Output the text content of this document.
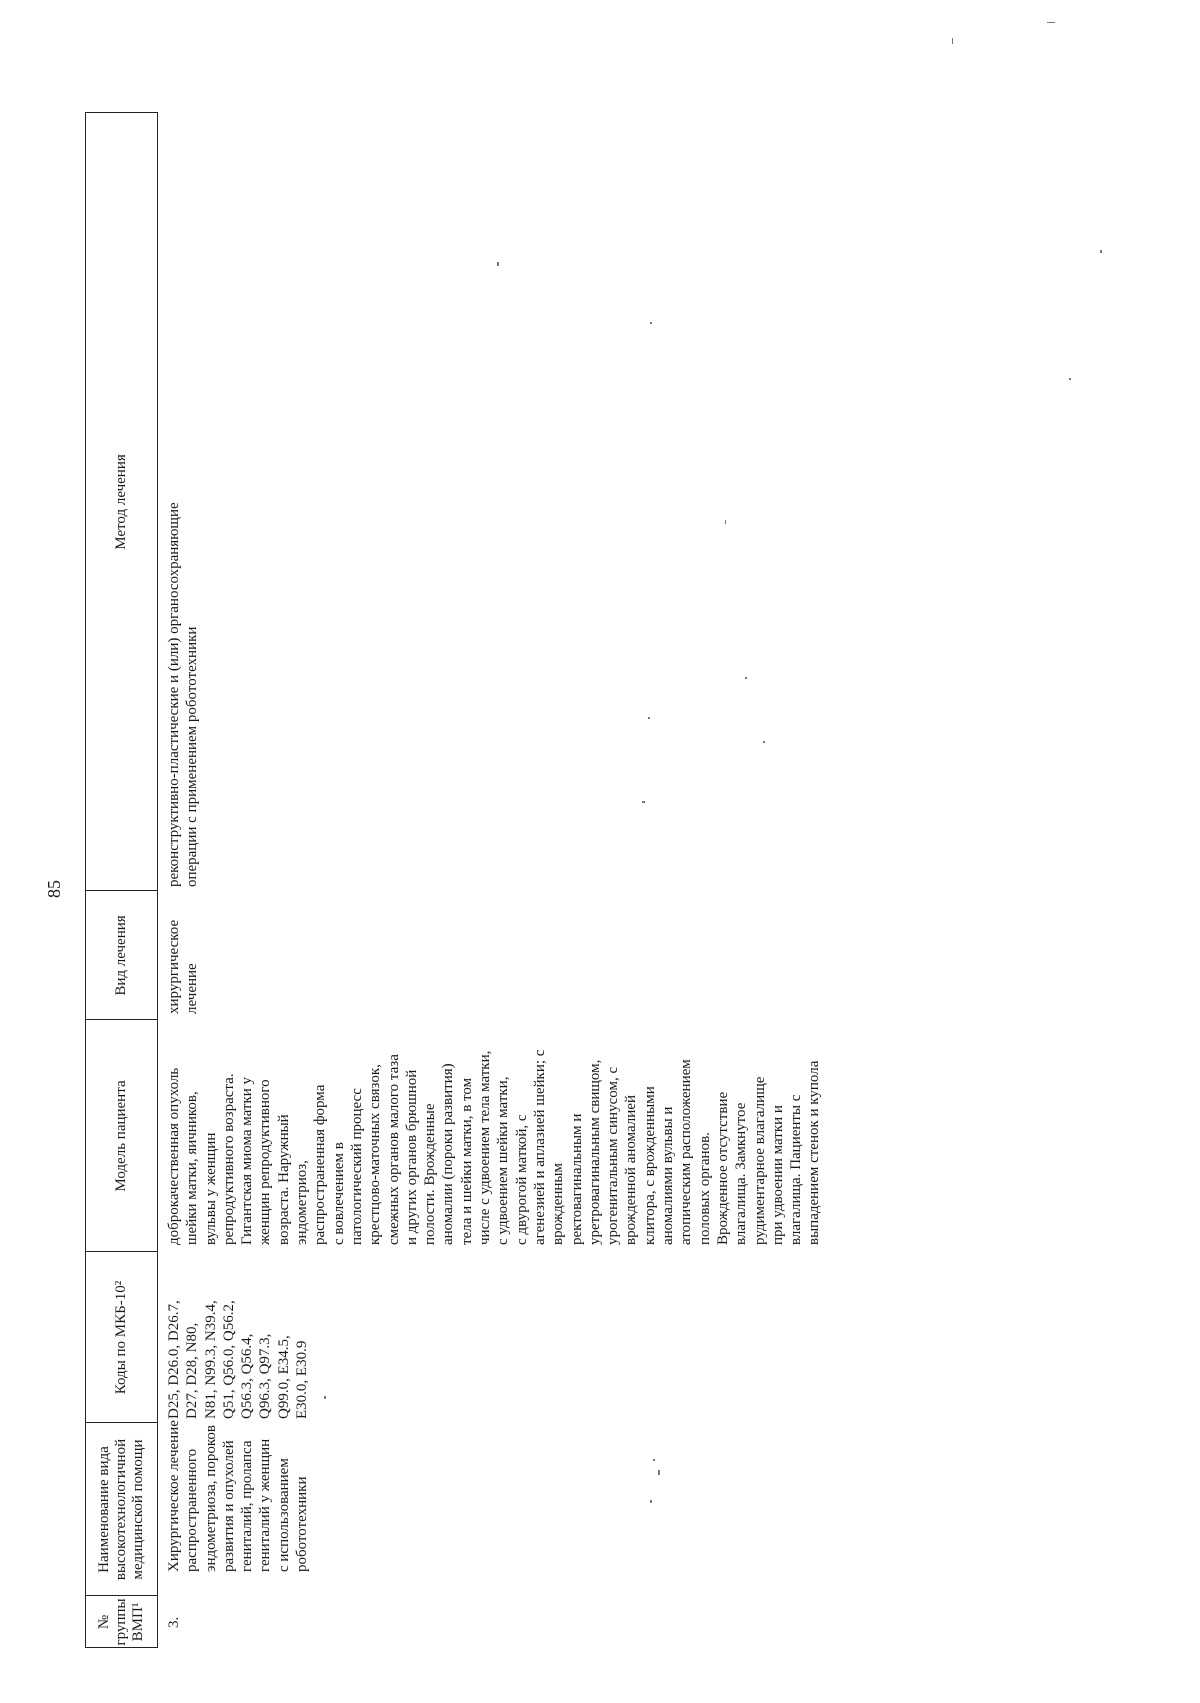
85
№ группы ВМП¹
Наименование вида высокотехнологичной медицинской помощи
Коды по МКБ-10²
Модель пациента
Вид лечения
Метод лечения
3.
Хирургическое лечение распространенного эндометриоза, пороков развития и опухолей гениталий, пролапса гениталий у женщин с использованием робототехники
D25, D26.0, D26.7, D27, D28, N80, N81, N99.3, N39.4, Q51, Q56.0, Q56.2, Q56.3, Q56.4, Q96.3, Q97.3, Q99.0, E34.5, E30.0, E30.9
доброкачественная опухоль шейки матки, яичников, вульвы у женщин репродуктивного возраста. Гигантская миома матки у женщин репродуктивного возраста. Наружный эндометриоз, распространенная форма с вовлечением в патологический процесс крестцово-маточных связок, смежных органов малого таза и других органов брюшной полости. Врожденные аномалии (пороки развития) тела и шейки матки, в том числе с удвоением тела матки, с удвоением шейки матки, с двурогой маткой, с агенезией и аплазией шейки; с врожденным ректовагинальным и уретровагинальным свищом, урогенитальным синусом, с врожденной аномалией клитора, с врожденными аномалиями вульвы и атопическим расположением половых органов. Врожденное отсутствие влагалища. Замкнутое рудиментарное влагалище при удвоении матки и влагалища. Пациенты с выпадением стенок и купола
хирургическое лечение
реконструктивно-пластические и (или) органосохраняющие операции с применением робототехники
